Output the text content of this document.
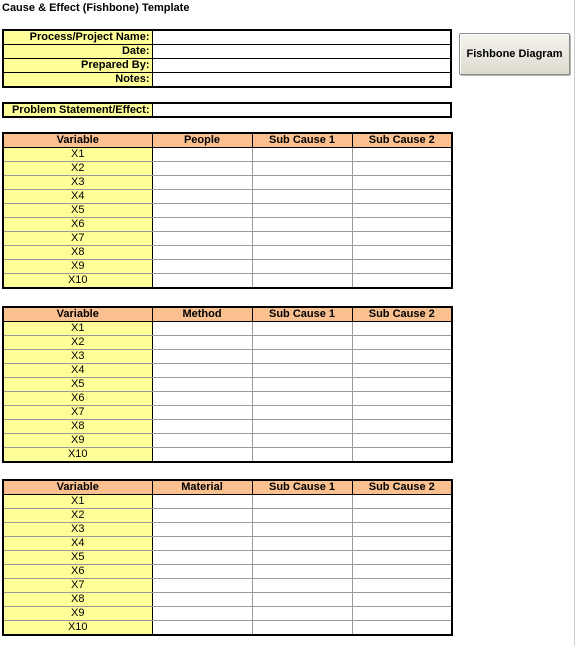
Cause & Effect (Fishbone) Template
Process/Project Name:	
Date:	
Prepared By:	
Notes:	
Fishbone Diagram
Problem Statement/Effect:	
Variable	People	Sub Cause 1	Sub Cause 2
X1			
X2			
X3			
X4			
X5			
X6			
X7			
X8			
X9			
X10			
Variable	Method	Sub Cause 1	Sub Cause 2
X1			
X2			
X3			
X4			
X5			
X6			
X7			
X8			
X9			
X10			
Variable	Material	Sub Cause 1	Sub Cause 2
X1			
X2			
X3			
X4			
X5			
X6			
X7			
X8			
X9			
X10			
